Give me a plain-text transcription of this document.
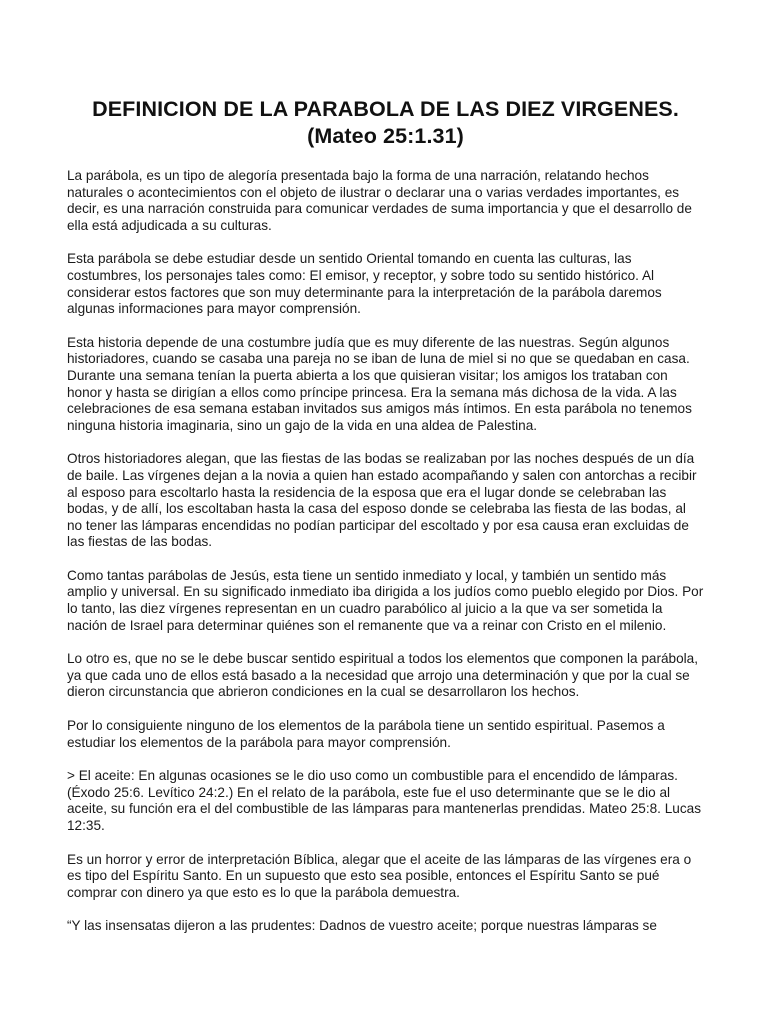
DEFINICION DE LA PARABOLA DE LAS DIEZ VIRGENES.
(Mateo 25:1.31)

La parábola, es un tipo de alegoría presentada bajo la forma de una narración, relatando hechos naturales o acontecimientos con el objeto de ilustrar o declarar una o varias verdades importantes, es decir, es una narración construida para comunicar verdades de suma importancia y que el desarrollo de ella está adjudicada a su culturas.

Esta parábola se debe estudiar desde un sentido Oriental tomando en cuenta las culturas, las costumbres, los personajes tales como: El emisor, y receptor, y sobre todo su sentido histórico. Al considerar estos factores que son muy determinante para la interpretación de la parábola daremos algunas informaciones para mayor comprensión.

Esta historia depende de una costumbre judía que es muy diferente de las nuestras. Según algunos historiadores, cuando se casaba una pareja no se iban de luna de miel si no que se quedaban en casa. Durante una semana tenían la puerta abierta a los que quisieran visitar; los amigos los trataban con honor y hasta se dirigían a ellos como príncipe princesa. Era la semana más dichosa de la vida. A las celebraciones de esa semana estaban invitados sus amigos más íntimos. En esta parábola no tenemos ninguna historia imaginaria, sino un gajo de la vida en una aldea de Palestina.

Otros historiadores alegan, que las fiestas de las bodas se realizaban por las noches después de un día de baile. Las vírgenes dejan a la novia a quien han estado acompañando y salen con antorchas a recibir al esposo para escoltarlo hasta la residencia de la esposa que era el lugar donde se celebraban las bodas, y de allí, los escoltaban hasta la casa del esposo donde se celebraba las fiesta de las bodas, al no tener las lámparas encendidas no podían participar del escoltado y por esa causa eran excluidas de las fiestas de las bodas.

Como tantas parábolas de Jesús, esta tiene un sentido inmediato y local, y también un sentido más amplio y universal. En su significado inmediato iba dirigida a los judíos como pueblo elegido por Dios. Por lo tanto, las diez vírgenes representan en un cuadro parabólico al juicio a la que va ser sometida la nación de Israel para determinar quiénes son el remanente que va a reinar con Cristo en el milenio.

Lo otro es, que no se le debe buscar sentido espiritual a todos los elementos que componen la parábola, ya que cada uno de ellos está basado a la necesidad que arrojo una determinación y que por la cual se dieron circunstancia que abrieron condiciones en la cual se desarrollaron los hechos.

Por lo consiguiente ninguno de los elementos de la parábola tiene un sentido espiritual. Pasemos a estudiar los elementos de la parábola para mayor comprensión.

> El aceite: En algunas ocasiones se le dio uso como un combustible para el encendido de lámparas. (Éxodo 25:6. Levítico 24:2.) En el relato de la parábola, este fue el uso determinante que se le dio al aceite, su función era el del combustible de las lámparas para mantenerlas prendidas. Mateo 25:8. Lucas 12:35.

Es un horror y error de interpretación Bíblica, alegar que el aceite de las lámparas de las vírgenes era o es tipo del Espíritu Santo. En un supuesto que esto sea posible, entonces el Espíritu Santo se pué comprar con dinero ya que esto es lo que la parábola demuestra.

“Y las insensatas dijeron a las prudentes: Dadnos de vuestro aceite; porque nuestras lámparas se
